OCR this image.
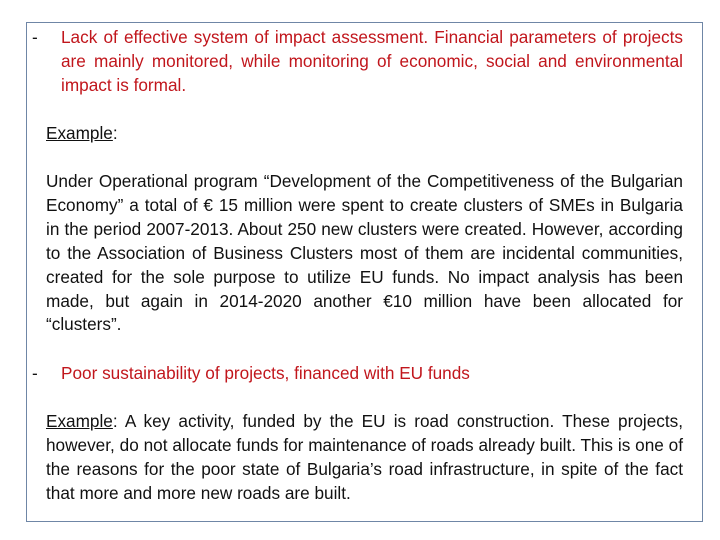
- Lack of effective system of impact assessment. Financial parameters of projects are mainly monitored, while monitoring of economic, social and environmental impact is formal.
Example:
Under Operational program “Development of the Competitiveness of the Bulgarian Economy” a total of € 15 million were spent to create clusters of SMEs in Bulgaria in the period 2007-2013. About 250 new clusters were created. However, according to the Association of Business Clusters most of them are incidental communities, created for the sole purpose to utilize EU funds. No impact analysis has been made, but again in 2014-2020 another €10 million have been allocated for “clusters”.
- Poor sustainability of projects, financed with EU funds
Example: A key activity, funded by the EU is road construction. These projects, however, do not allocate funds for maintenance of roads already built. This is one of the reasons for the poor state of Bulgaria’s road infrastructure, in spite of the fact that more and more new roads are built.
